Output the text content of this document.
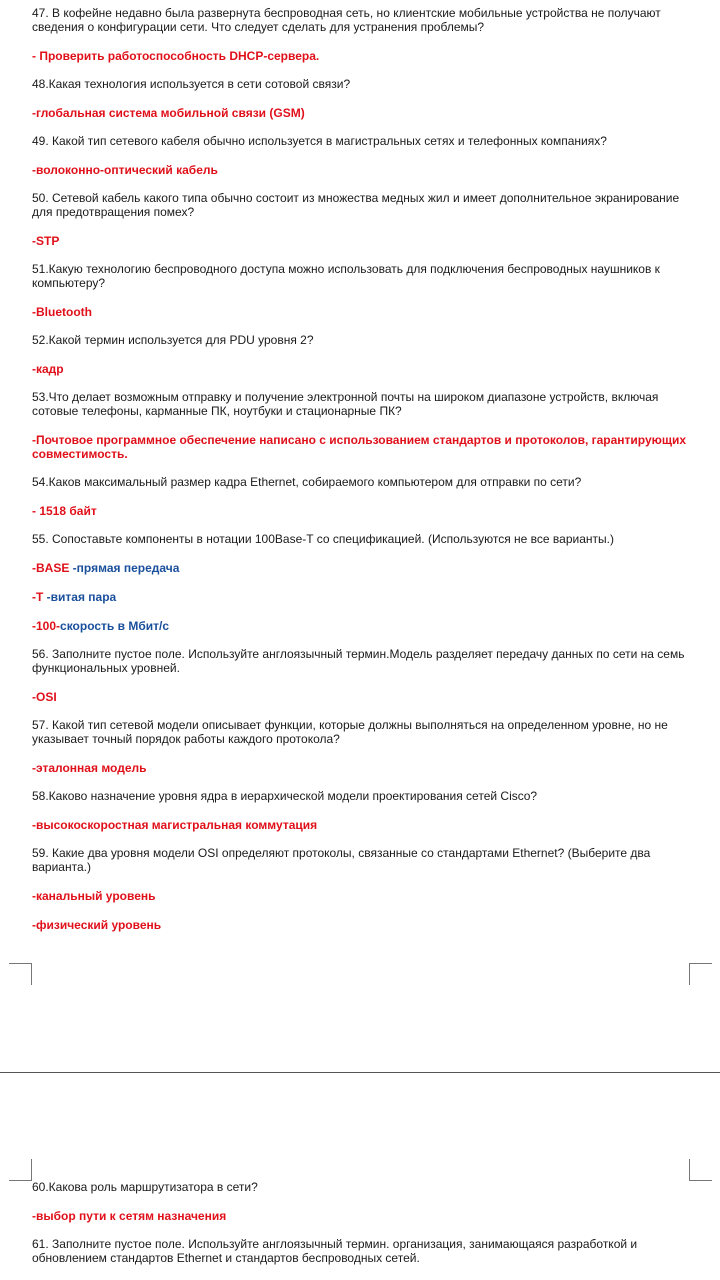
47. В кофейне недавно была развернута беспроводная сеть, но клиентские мобильные устройства не получают сведения о конфигурации сети. Что следует сделать для устранения проблемы?

- Проверить работоспособность DHCP-сервера.

48.Какая технология используется в сети сотовой связи?

-глобальная система мобильной связи (GSM)

49. Какой тип сетевого кабеля обычно используется в магистральных сетях и телефонных компаниях?

-волоконно-оптический кабель

50. Сетевой кабель какого типа обычно состоит из множества медных жил и имеет дополнительное экранирование для предотвращения помех?

-STP

51.Какую технологию беспроводного доступа можно использовать для подключения беспроводных наушников к компьютеру?

-Bluetooth

52.Какой термин используется для PDU уровня 2?

-кадр

53.Что делает возможным отправку и получение электронной почты на широком диапазоне устройств, включая сотовые телефоны, карманные ПК, ноутбуки и стационарные ПК?

-Почтовое программное обеспечение написано с использованием стандартов и протоколов, гарантирующих совместимость.

54.Каков максимальный размер кадра Ethernet, собираемого компьютером для отправки по сети?

- 1518 байт

55. Сопоставьте компоненты в нотации 100Base-T со спецификацией. (Используются не все варианты.)

-BASE -прямая передача

-T -витая пара

-100-скорость в Мбит/с

56. Заполните пустое поле. Используйте англоязычный термин.Модель разделяет передачу данных по сети на семь функциональных уровней.

-OSI

57. Какой тип сетевой модели описывает функции, которые должны выполняться на определенном уровне, но не указывает точный порядок работы каждого протокола?

-эталонная модель

58.Каково назначение уровня ядра в иерархической модели проектирования сетей Cisco?

-высокоскоростная магистральная коммутация

59. Какие два уровня модели OSI определяют протоколы, связанные со стандартами Ethernet? (Выберите два варианта.)

-канальный уровень

-физический уровень

60.Какова роль маршрутизатора в сети?

-выбор пути к сетям назначения

61. Заполните пустое поле. Используйте англоязычный термин. организация, занимающаяся разработкой и обновлением стандартов Ethernet и стандартов беспроводных сетей.
